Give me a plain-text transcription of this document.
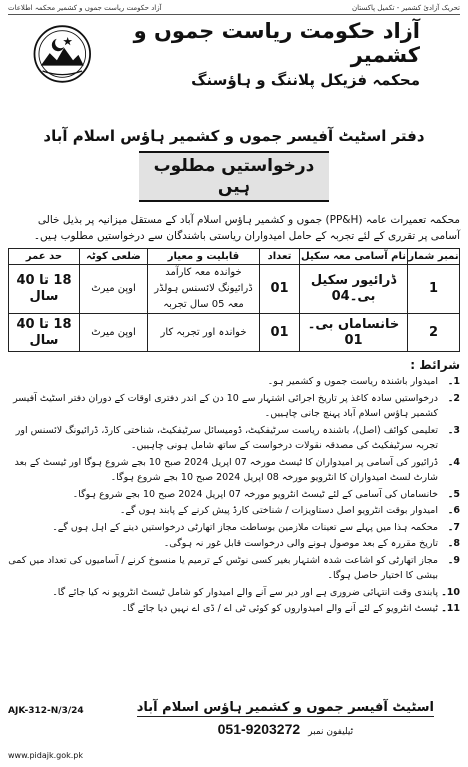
آزاد حکومت ریاست جموں و کشمیر محکمہ اطلاعات	تحریک آزادئ کشمیر - تکمیل پاکستان
آزاد حکومت ریاست جموں و کشمیر
محکمہ فزیکل پلاننگ و ہاؤسنگ
دفتر اسٹیٹ آفیسر جموں و کشمیر ہاؤس اسلام آباد
درخواستیں مطلوب ہیں

محکمہ تعمیرات عامہ (PP&H) جموں و کشمیر ہاؤس اسلام آباد کے مستقل میزانیہ پر بذیل خالی آسامی پر تقرری کے لئے تجربہ کے حامل امیدواران ریاستی باشندگان سے درخواستیں مطلوب ہیں۔

نمبر شمار	نام آسامی معہ سکیل	تعداد	قابلیت و معیار	ضلعی کوٹہ	حد عمر
1	ڈرائیور سکیل بی۔04	01	خواندہ معہ کارآمد ڈرائیونگ لائسنس ہولڈر معہ 05 سال تجربہ	اوپن میرٹ	18 تا 40 سال
2	خانساماں بی۔01	01	خواندہ اور تجربہ کار	اوپن میرٹ	18 تا 40 سال
شرائط :
1۔
امیدوار باشندہ ریاست جموں و کشمیر ہو۔
2۔
درخواستیں سادہ کاغذ پر تاریخ اجرائی اشتہار سے 10 دن کے اندر دفتری اوقات کے دوران دفتر اسٹیٹ آفیسر کشمیر ہاؤس اسلام آباد پہنچ جانی چاہییں۔
3۔
تعلیمی کوائف (اصل)، باشندہ ریاست سرٹیفکیٹ، ڈومیسائل سرٹیفکیٹ، شناختی کارڈ، ڈرائیونگ لائسنس اور تجربہ سرٹیفکیٹ کی مصدقہ نقولات درخواست کے ساتھ شامل ہونی چاہییں۔
4۔
ڈرائیور کی آسامی پر امیدواران کا ٹیسٹ مورخہ 07 اپریل 2024 صبح 10 بجے شروع ہوگا اور ٹیسٹ کے بعد شارٹ لسٹ امیدواران کا انٹرویو مورخہ 08 اپریل 2024 صبح 10 بجے شروع ہوگا۔
5۔
خانساماں کی آسامی کے لئے ٹیسٹ انٹرویو مورخہ 07 اپریل 2024 صبح 10 بجے شروع ہوگا۔
6۔
امیدوار بوقت انٹرویو اصل دستاویزات / شناختی کارڈ پیش کرنے کے پابند ہوں گے۔
7۔
محکمہ ہذا میں پہلے سے تعینات ملازمین بوساطت مجاز اتھارٹی درخواستیں دینے کے اہل ہوں گے۔
8۔
تاریخ مقررہ کے بعد موصول ہونے والی درخواست قابل غور نہ ہوگی۔
9۔
مجاز اتھارٹی کو اشاعت شدہ اشتہار بغیر کسی نوٹس کے ترمیم یا منسوخ کرنے / آسامیوں کی تعداد میں کمی بیشی کا اختیار حاصل ہوگا۔
10۔
پابندی وقت انتہائی ضروری ہے اور دیر سے آنے والے امیدوار کو شامل ٹیسٹ انٹرویو نہ کیا جائے گا۔
11۔
ٹیسٹ انٹرویو کے لئے آنے والے امیدواروں کو کوئی ٹی اے / ڈی اے نہیں دیا جائے گا۔
AJK-312-N/3/24
www.pidajk.gok.pk
اسٹیٹ آفیسر جموں و کشمیر ہاؤس اسلام آباد
ٹیلیفون نمبر
051-9203272
